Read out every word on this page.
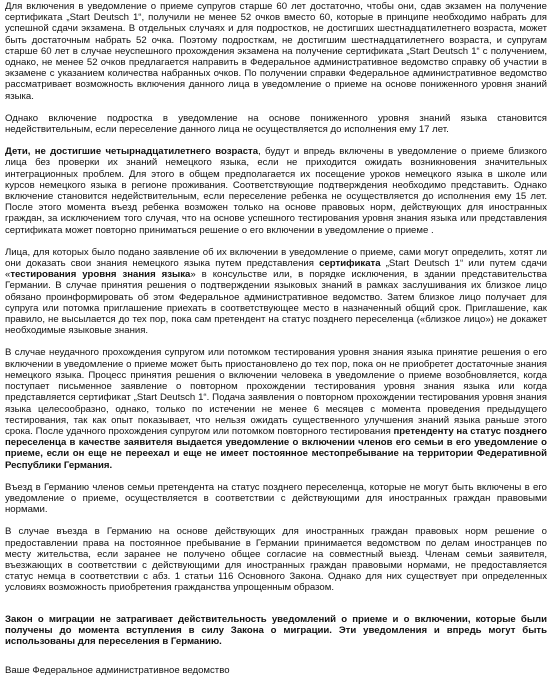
Для включения в уведомление о приеме супругов старше 60 лет достаточно, чтобы они, сдав экзамен на получение сертификата „Start Deutsch 1“, получили не менее 52 очков вместо 60, которые в принципе необходимо набрать для успешной сдачи экзамена. В отдельных случаях и для подростков, не достигших шестнадцатилетнего возраста, может быть достаточным набрать 52 очка. Поэтому подросткам, не достигшим шестнадцатилетнего возраста, и супругам старше 60 лет в случае неуспешного прохождения экзамена на получение сертификата „Start Deutsch 1“ с получением, однако, не менее 52 очков предлагается направить в Федеральное административное ведомство справку об участии в экзамене с указанием количества набранных очков. По получении справки Федеральное административное ведомство рассматривает возможность включения данного лица в уведомление о приеме на основе пониженного уровня знаний языка.
Однако включение подростка в уведомление на основе пониженного уровня знаний языка становится недействительным, если переселение данного лица не осуществляется до исполнения ему 17 лет.
Дети, не достигшие четырнадцатилетнего возраста, будут и впредь включены в уведомление о приеме близкого лица без проверки их знаний немецкого языка, если не приходится ожидать возникновения значительных интеграционных проблем. Для этого в общем предполагается их посещение уроков немецкого языка в школе или курсов немецкого языка в регионе проживания. Соответствующие подтверждения необходимо представить. Однако включение становится недействительным, если переселение ребенка не осуществляется до исполнения ему 15 лет. После этого момента въезд ребенка возможен только на основе правовых норм, действующих для иностранных граждан, за исключением того случая, что на основе успешного тестирования уровня знания языка или представления сертификата может повторно приниматься решение о его включении в уведомление о приеме .
Лица, для которых было подано заявление об их включении в уведомление о приеме, сами могут определить, хотят ли они доказать свои знания немецкого языка путем представления сертификата „Start Deutsch 1“ или путем сдачи «тестирования уровня знания языка» в консульстве или, в порядке исключения, в здании представительства Германии. В случае принятия решения о подтверждении языковых знаний в рамках заслушивания их близкое лицо обязано проинформировать об этом Федеральное административное ведомство. Затем близкое лицо получает для супруга или потомка приглашение приехать в соответствующее место в назначенный общий срок. Приглашение, как правило, не высылается до тех пор, пока сам претендент на статус позднего переселенца («близкое лицо») не докажет необходимые языковые знания.
В случае неудачного прохождения супругом или потомком тестирования уровня знания языка принятие решения о его включении в уведомление о приеме может быть приостановлено до тех пор, пока он не приобретет достаточные знания немецкого языка. Процесс принятия решения о включении человека в уведомление о приеме возобновляется, когда поступает письменное заявление о повторном прохождении тестирования уровня знания языка или когда представляется сертификат „Start Deutsch 1“. Подача заявления о повторном прохождении тестирования уровня знания языка целесообразно, однако, только по истечении не менее 6 месяцев с момента проведения предыдущего тестирования, так как опыт показывает, что нельзя ожидать существенного улучшения знаний языка раньше этого срока. После удачного прохождения супругом или потомком повторного тестирования претенденту на статус позднего переселенца в качестве заявителя выдается уведомление о включении членов его семьи в его уведомление о приеме, если он еще не переехал и еще не имеет постоянное местопребывание на территории Федеративной Республики Германия.
Въезд в Германию членов семьи претендента на статус позднего переселенца, которые не могут быть включены в его уведомление о приеме, осуществляется в соответствии с действующими для иностранных граждан правовыми нормами.
В случае въезда в Германию на основе действующих для иностранных граждан правовых норм решение о предоставлении права на постоянное пребывание в Германии принимается ведомством по делам иностранцев по месту жительства, если заранее не получено общее согласие на совместный выезд. Членам семьи заявителя, въезжающих в соответствии с действующими для иностранных граждан правовыми нормами, не предоставляется статус немца в соответствии с абз. 1 статьи 116 Основного Закона. Однако для них существует при определенных условиях возможность приобретения гражданства упрощенным образом.
Закон о миграции не затрагивает действительность уведомлений о приеме и о включении, которые были получены до момента вступления в силу Закона о миграции. Эти уведомления и впредь могут быть использованы для переселения в Германию.
Ваше Федеральное административное ведомство
